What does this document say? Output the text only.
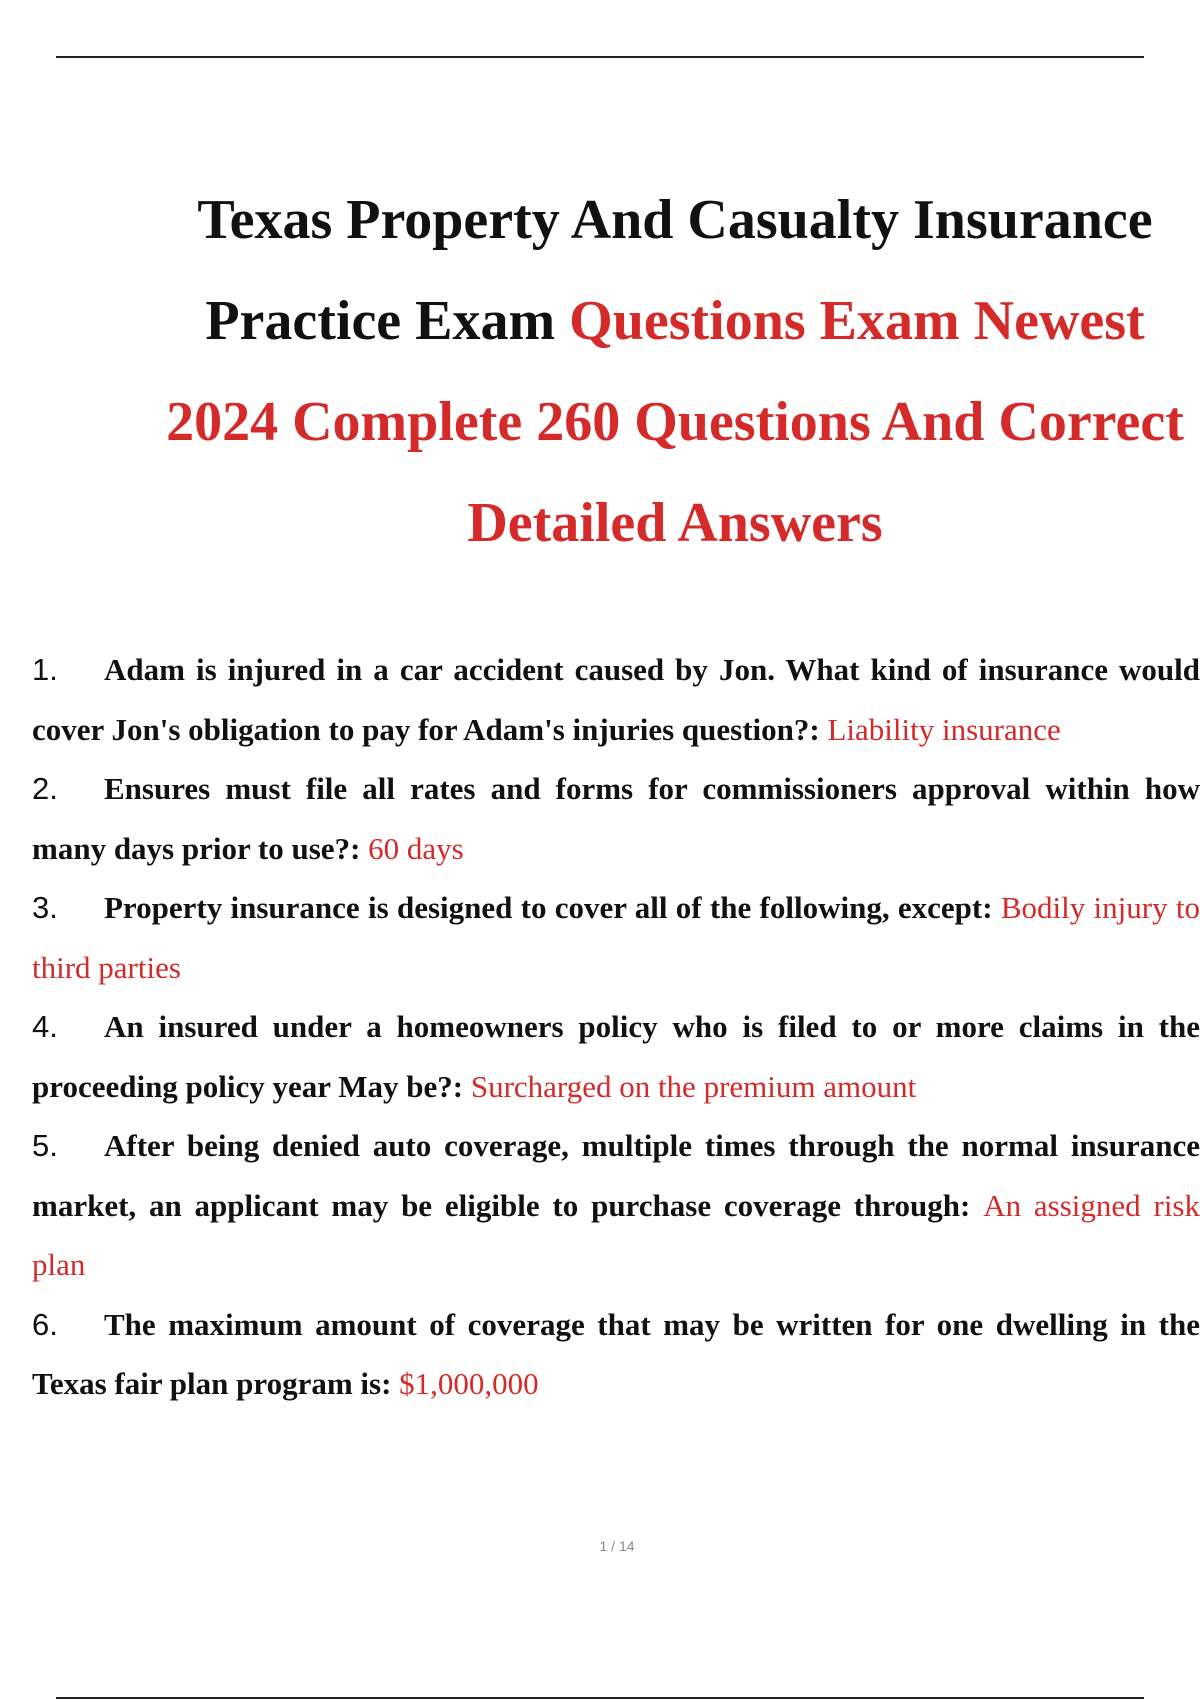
Texas Property And Casualty Insurance Practice Exam Questions Exam Newest 2024 Complete 260 Questions And Correct Detailed Answers
1. Adam is injured in a car accident caused by Jon. What kind of insurance would cover Jon's obligation to pay for Adam's injuries question?: Liability insurance
2. Ensures must file all rates and forms for commissioners approval within how many days prior to use?: 60 days
3. Property insurance is designed to cover all of the following, except: Bodily injury to third parties
4. An insured under a homeowners policy who is filed to or more claims in the proceeding policy year May be?: Surcharged on the premium amount
5. After being denied auto coverage, multiple times through the normal insurance market, an applicant may be eligible to purchase coverage through: An assigned risk plan
6. The maximum amount of coverage that may be written for one dwelling in the Texas fair plan program is: $1,000,000
1 / 14
